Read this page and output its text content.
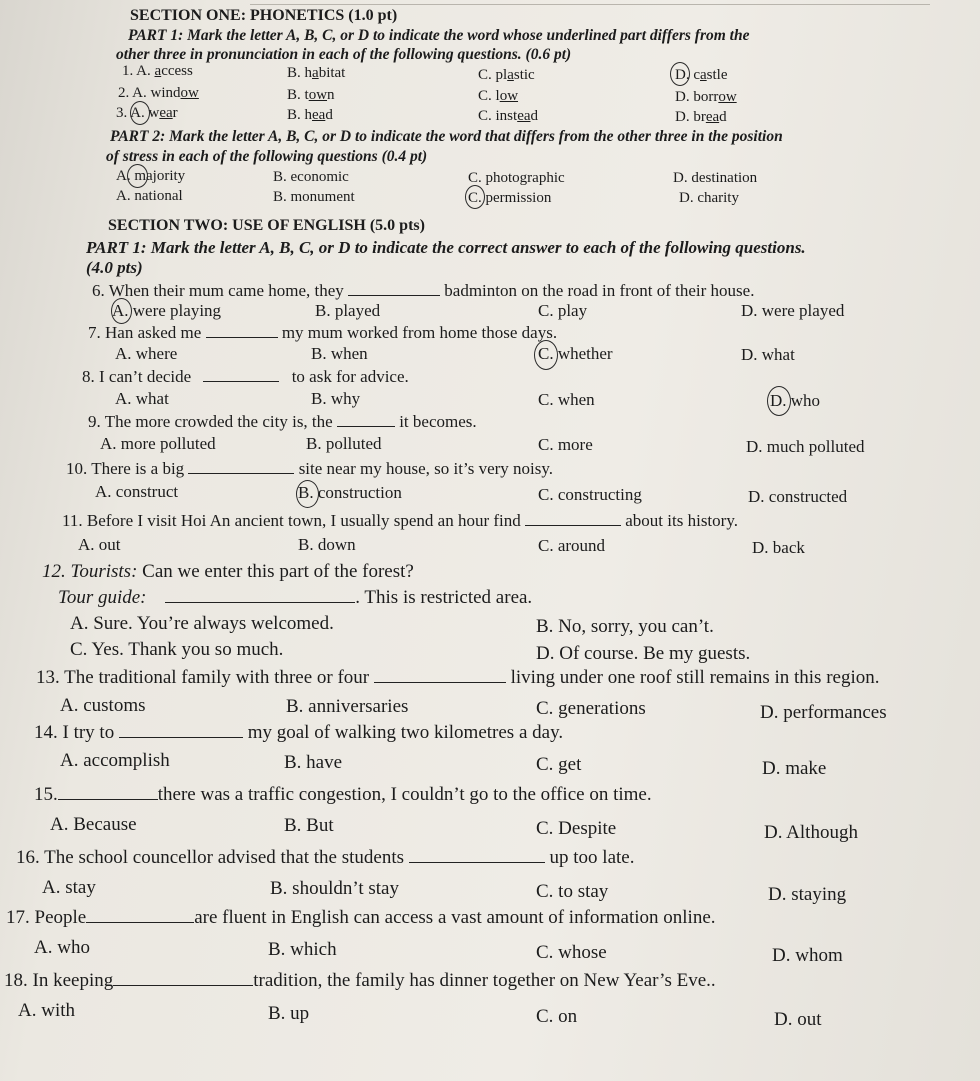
SECTION ONE: PHONETICS (1.0 pt)
PART 1: Mark the letter A, B, C, or D to indicate the word whose underlined part differs from the
other three in pronunciation in each of the following questions. (0.6 pt)
1. A. access	B. habitat	C. plastic	D. castle
2. A. window	B. town	C. low	D. borrow
3. A. wear	B. head	C. instead	D. bread
PART 2: Mark the letter A, B, C, or D to indicate the word that differs from the other three in the position
of stress in each of the following questions (0.4 pt)
A. majority	B. economic	C. photographic	D. destination
A. national	B. monument	C. permission	D. charity
SECTION TWO: USE OF ENGLISH (5.0 pts)
PART 1: Mark the letter A, B, C, or D to indicate the correct answer to each of the following questions.
(4.0 pts)
6. When their mum came home, they	badminton on the road in front of their house.
A. were playing	B. played	C. play	D. were played
7. Han asked me	my mum worked from home those days.
A. where	B. when	C. whether	D. what
8. I can’t decide	to ask for advice.
A. what	B. why	C. when	D. who
9. The more crowded the city is, the	it becomes.
A. more polluted	B. polluted	C. more	D. much polluted
10. There is a big	site near my house, so it’s very noisy.
A. construct	B. construction	C. constructing	D. constructed
11. Before I visit Hoi An ancient town, I usually spend an hour find	about its history.
A. out	B. down	C. around	D. back
12. Tourists: Can we enter this part of the forest?
Tour guide:	. This is restricted area.
A. Sure. You’re always welcomed.	B. No, sorry, you can’t.
C. Yes. Thank you so much.	D. Of course. Be my guests.
13. The traditional family with three or four	living under one roof still remains in this region.
A. customs	B. anniversaries	C. generations	D. performances
14. I try to	my goal of walking two kilometres a day.
A. accomplish	B. have	C. get	D. make
15.	there was a traffic congestion, I couldn’t go to the office on time.
A. Because	B. But	C. Despite	D. Although
16. The school councellor advised that the students	up too late.
A. stay	B. shouldn’t stay	C. to stay	D. staying
17. People	are fluent in English can access a vast amount of information online.
A. who	B. which	C. whose	D. whom
18. In keeping	tradition, the family has dinner together on New Year’s Eve..
A. with	B. up	C. on	D. out
